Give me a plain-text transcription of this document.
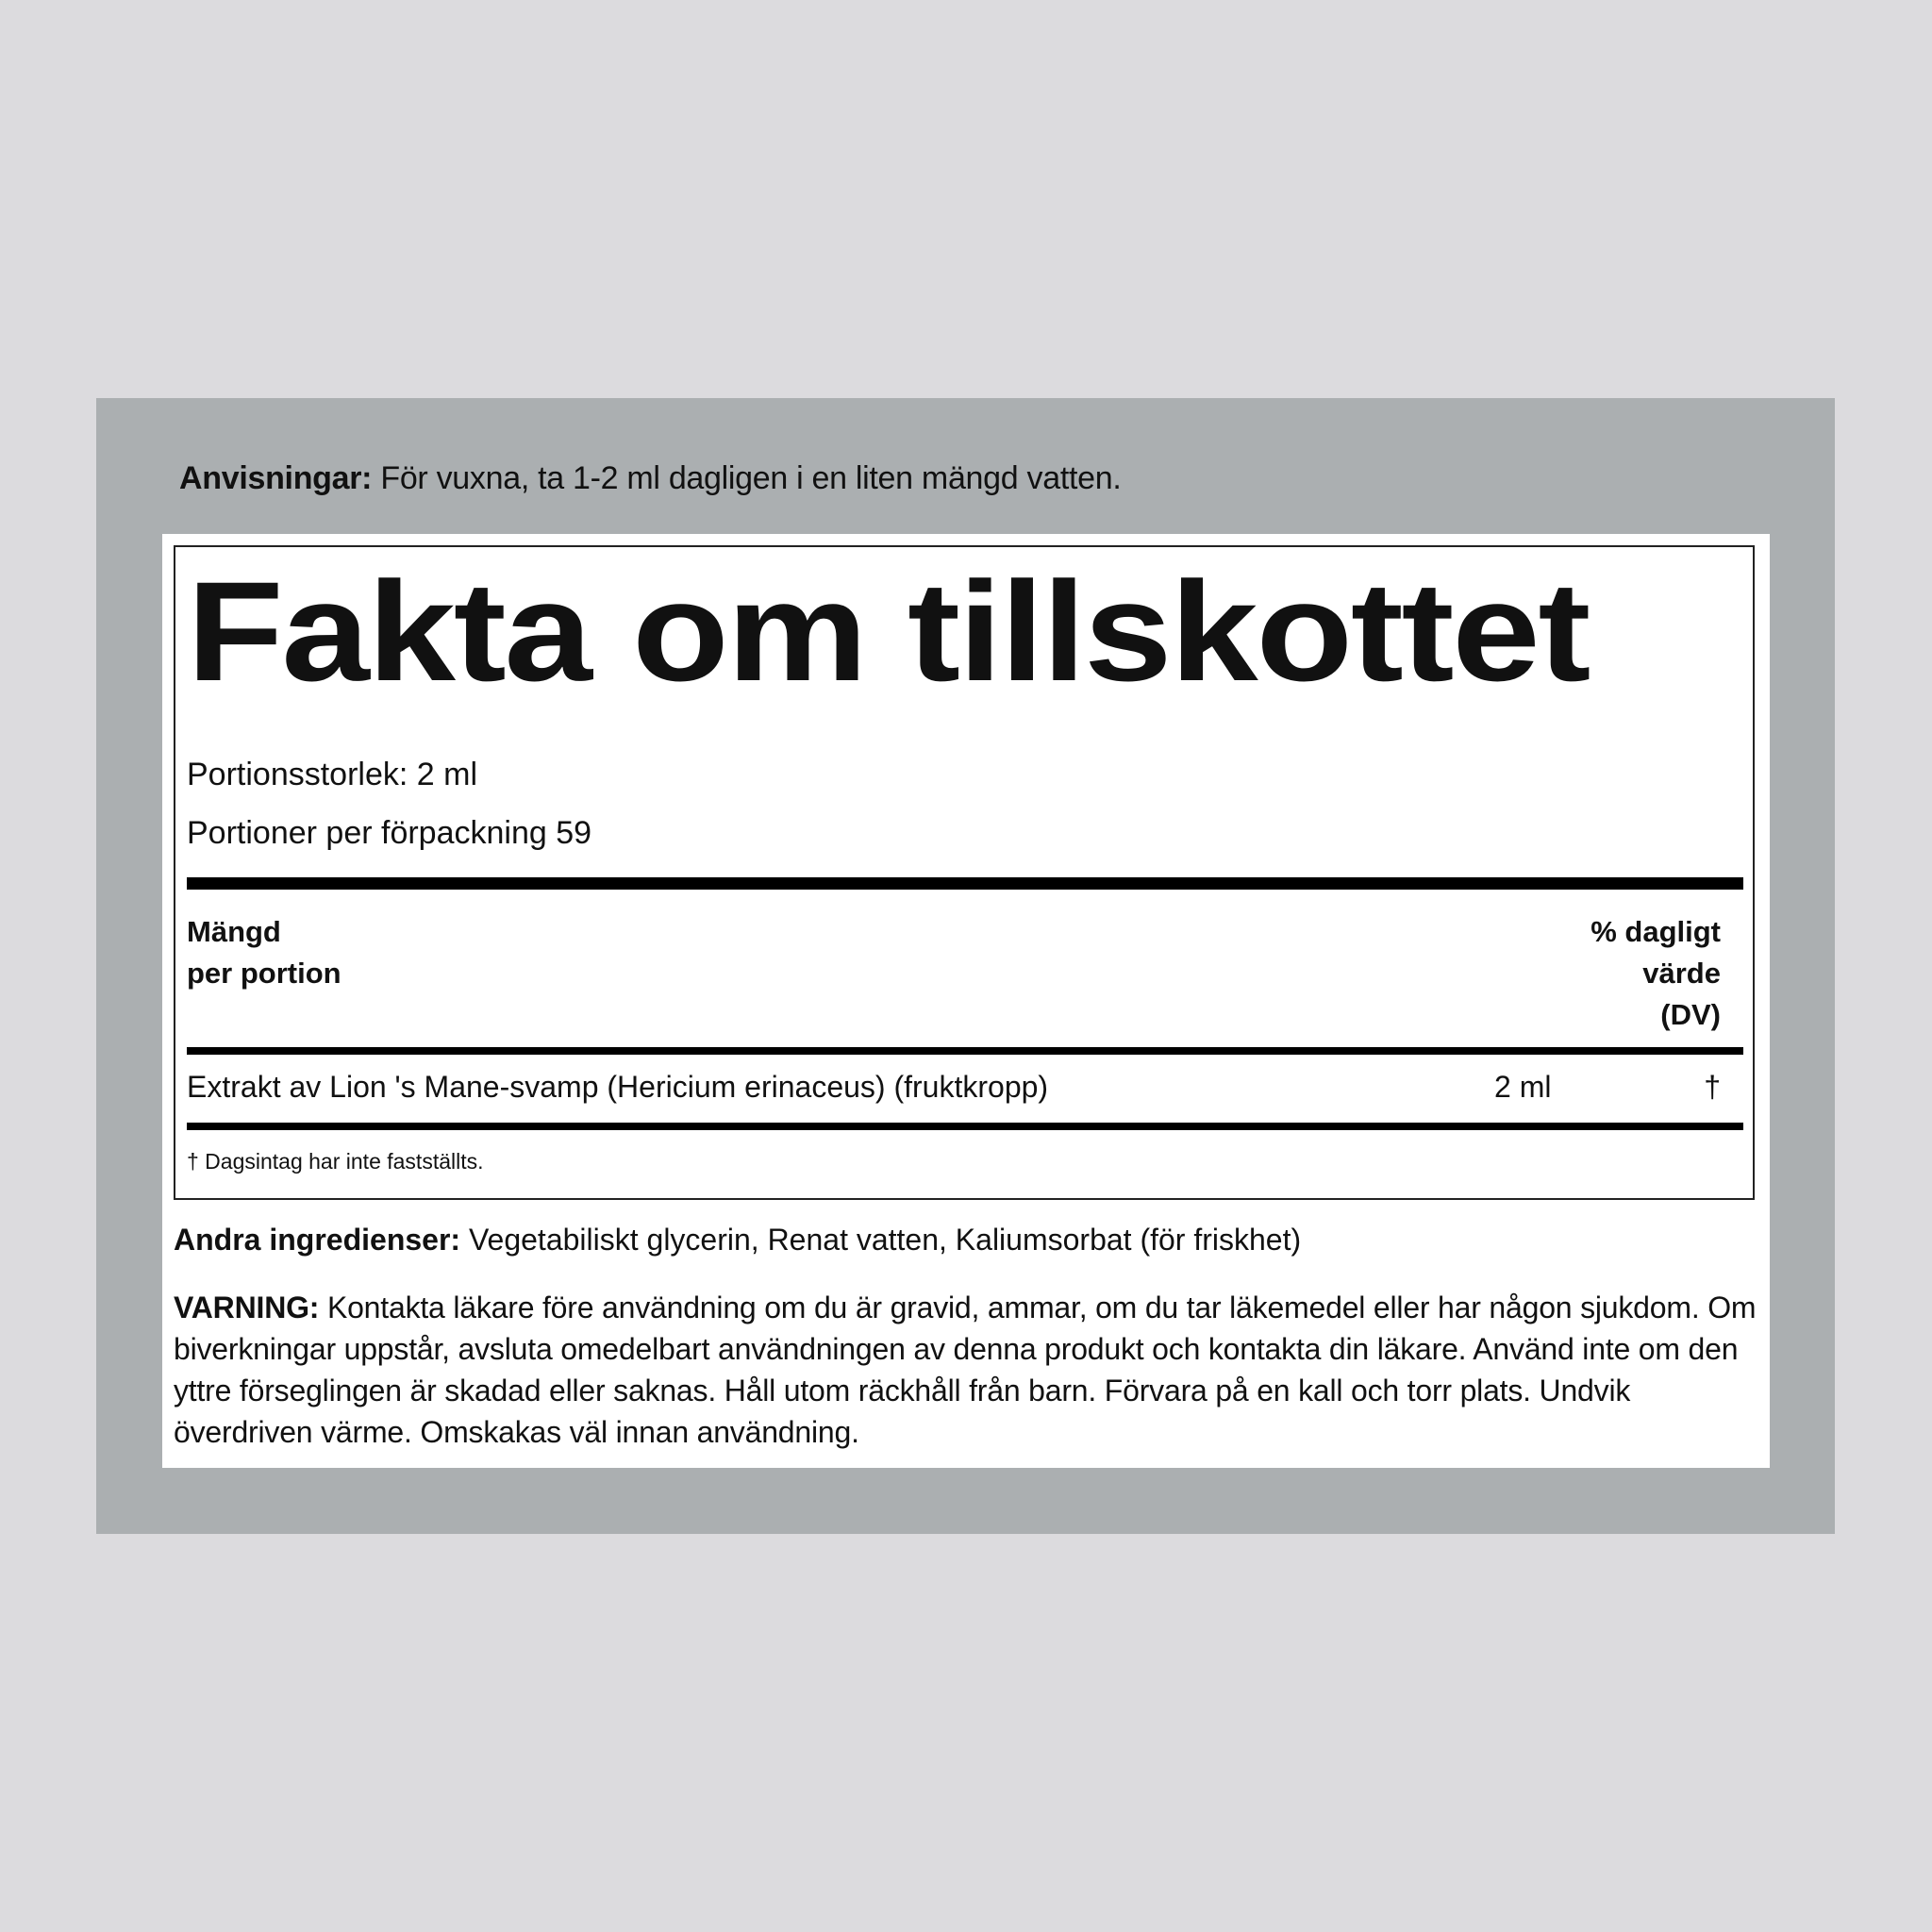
Anvisningar: För vuxna, ta 1-2 ml dagligen i en liten mängd vatten.
Fakta om tillskottet
Portionsstorlek: 2 ml
Portioner per förpackning 59
Mängd
per portion
% dagligt
värde
(DV)
Extrakt av Lion 's Mane-svamp (Hericium erinaceus) (fruktkropp)	2 ml	†
† Dagsintag har inte fastställts.
Andra ingredienser: Vegetabiliskt glycerin, Renat vatten, Kaliumsorbat (för friskhet)
VARNING: Kontakta läkare före användning om du är gravid, ammar, om du tar läkemedel eller har någon sjukdom. Om biverkningar uppstår, avsluta omedelbart användningen av denna produkt och kontakta din läkare. Använd inte om den yttre förseglingen är skadad eller saknas. Håll utom räckhåll från barn. Förvara på en kall och torr plats. Undvik överdriven värme. Omskakas väl innan användning.
